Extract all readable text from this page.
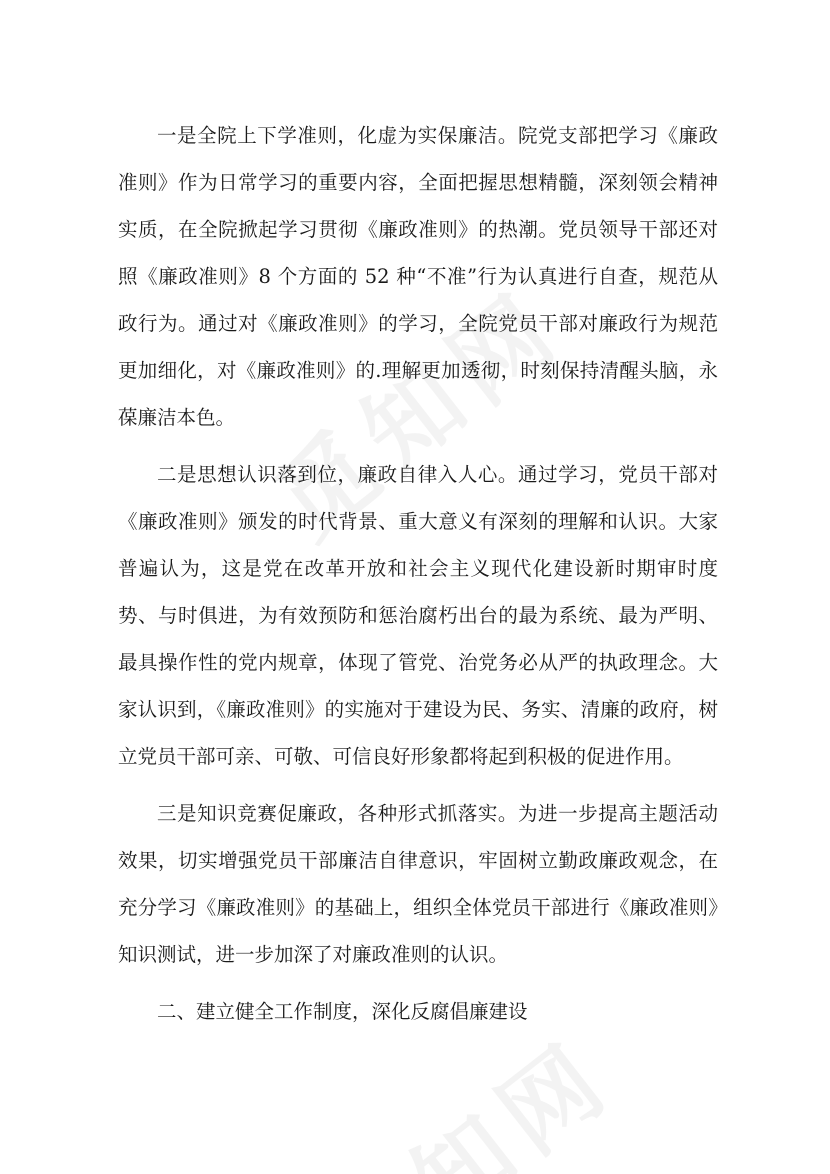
一是全院上下学准则，化虚为实保廉洁。院党支部把学习《廉政准则》作为日常学习的重要内容，全面把握思想精髓，深刻领会精神实质，在全院掀起学习贯彻《廉政准则》的热潮。党员领导干部还对照《廉政准则》8 个方面的 52 种“不准”行为认真进行自查，规范从政行为。通过对《廉政准则》的学习，全院党员干部对廉政行为规范更加细化，对《廉政准则》的.理解更加透彻，时刻保持清醒头脑，永葆廉洁本色。

二是思想认识落到位，廉政自律入人心。通过学习，党员干部对《廉政准则》颁发的时代背景、重大意义有深刻的理解和认识。大家普遍认为，这是党在改革开放和社会主义现代化建设新时期审时度势、与时俱进，为有效预防和惩治腐朽出台的最为系统、最为严明、最具操作性的党内规章，体现了管党、治党务必从严的执政理念。大家认识到，《廉政准则》的实施对于建设为民、务实、清廉的政府，树立党员干部可亲、可敬、可信良好形象都将起到积极的促进作用。

三是知识竞赛促廉政，各种形式抓落实。为进一步提高主题活动效果，切实增强党员干部廉洁自律意识，牢固树立勤政廉政观念，在充分学习《廉政准则》的基础上，组织全体党员干部进行《廉政准则》知识测试，进一步加深了对廉政准则的认识。

二、建立健全工作制度，深化反腐倡廉建设
